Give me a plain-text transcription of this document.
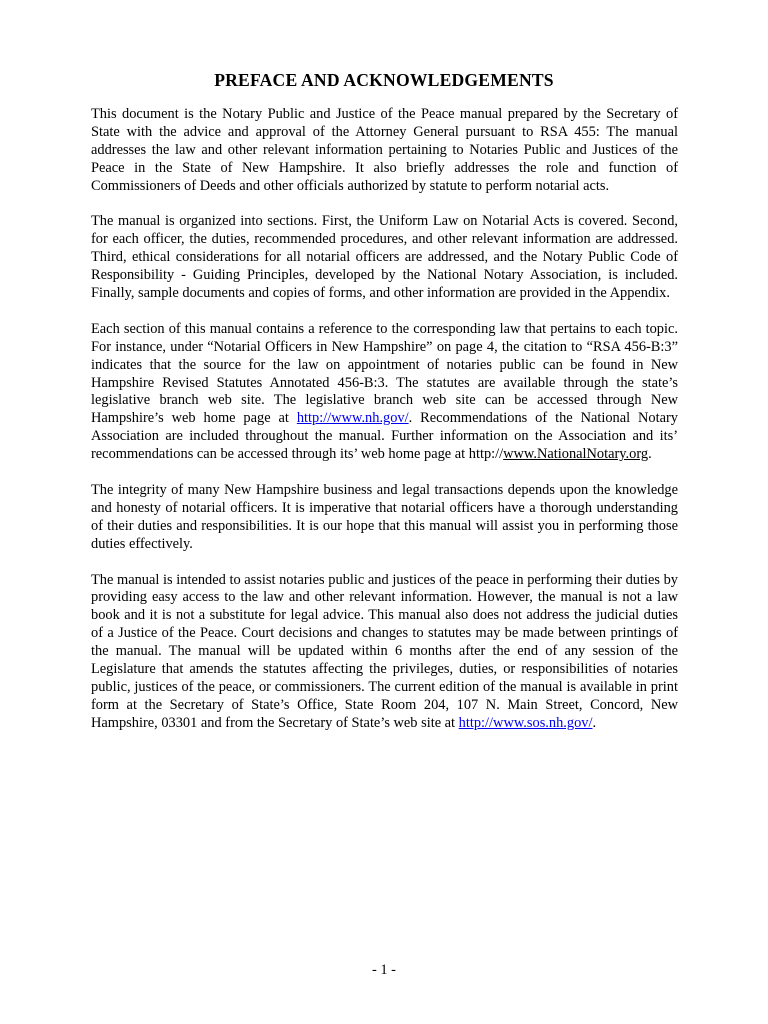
PREFACE AND ACKNOWLEDGEMENTS

This document is the Notary Public and Justice of the Peace manual prepared by the Secretary of State with the advice and approval of the Attorney General pursuant to RSA 455: The manual addresses the law and other relevant information pertaining to Notaries Public and Justices of the Peace in the State of New Hampshire. It also briefly addresses the role and function of Commissioners of Deeds and other officials authorized by statute to perform notarial acts.

The manual is organized into sections. First, the Uniform Law on Notarial Acts is covered. Second, for each officer, the duties, recommended procedures, and other relevant information are addressed. Third, ethical considerations for all notarial officers are addressed, and the Notary Public Code of Responsibility - Guiding Principles, developed by the National Notary Association, is included. Finally, sample documents and copies of forms, and other information are provided in the Appendix.

Each section of this manual contains a reference to the corresponding law that pertains to each topic. For instance, under “Notarial Officers in New Hampshire” on page 4, the citation to “RSA 456-B:3” indicates that the source for the law on appointment of notaries public can be found in New Hampshire Revised Statutes Annotated 456-B:3. The statutes are available through the state’s legislative branch web site. The legislative branch web site can be accessed through New Hampshire’s web home page at http://www.nh.gov/. Recommendations of the National Notary Association are included throughout the manual. Further information on the Association and its’ recommendations can be accessed through its’ web home page at http://www.NationalNotary.org.

The integrity of many New Hampshire business and legal transactions depends upon the knowledge and honesty of notarial officers. It is imperative that notarial officers have a thorough understanding of their duties and responsibilities. It is our hope that this manual will assist you in performing those duties effectively.

The manual is intended to assist notaries public and justices of the peace in performing their duties by providing easy access to the law and other relevant information. However, the manual is not a law book and it is not a substitute for legal advice. This manual also does not address the judicial duties of a Justice of the Peace. Court decisions and changes to statutes may be made between printings of the manual. The manual will be updated within 6 months after the end of any session of the Legislature that amends the statutes affecting the privileges, duties, or responsibilities of notaries public, justices of the peace, or commissioners. The current edition of the manual is available in print form at the Secretary of State’s Office, State Room 204, 107 N. Main Street, Concord, New Hampshire, 03301 and from the Secretary of State’s web site at http://www.sos.nh.gov/.

- 1 -
